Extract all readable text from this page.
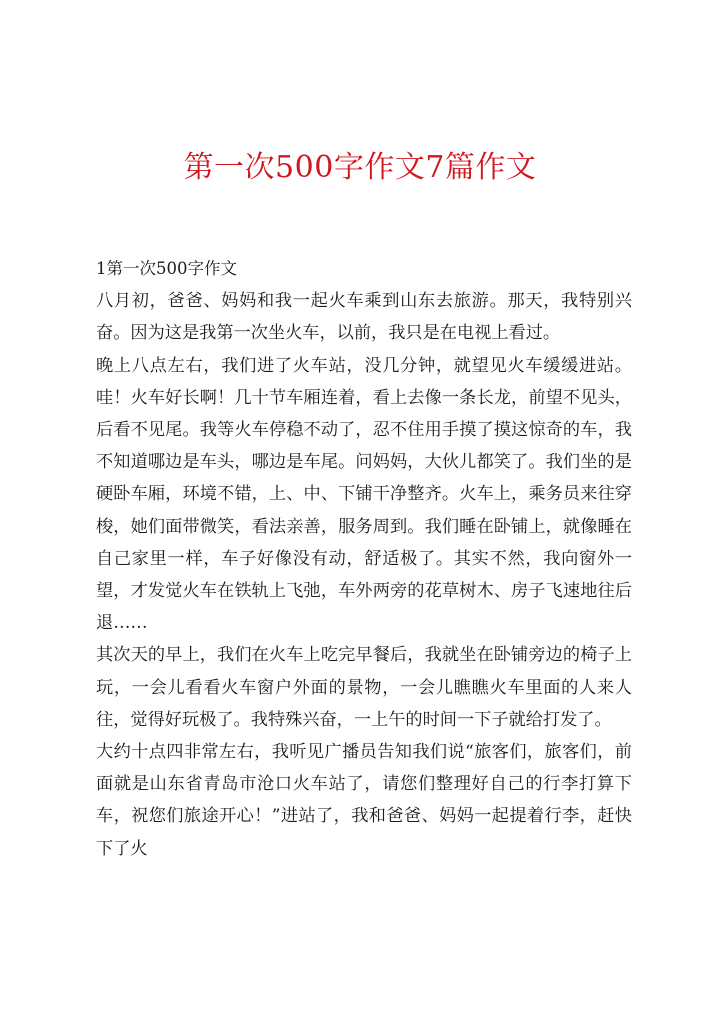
第一次500字作文7篇作文

1第一次500字作文

八月初，爸爸、妈妈和我一起火车乘到山东去旅游。那天，我特别兴奋。因为这是我第一次坐火车，以前，我只是在电视上看过。

晚上八点左右，我们进了火车站，没几分钟，就望见火车缓缓进站。哇！火车好长啊！几十节车厢连着，看上去像一条长龙，前望不见头，后看不见尾。我等火车停稳不动了，忍不住用手摸了摸这惊奇的车，我不知道哪边是车头，哪边是车尾。问妈妈，大伙儿都笑了。我们坐的是硬卧车厢，环境不错，上、中、下铺干净整齐。火车上，乘务员来往穿梭，她们面带微笑，看法亲善，服务周到。我们睡在卧铺上，就像睡在自己家里一样，车子好像没有动，舒适极了。其实不然，我向窗外一望，才发觉火车在铁轨上飞弛，车外两旁的花草树木、房子飞速地往后退……

其次天的早上，我们在火车上吃完早餐后，我就坐在卧铺旁边的椅子上玩，一会儿看看火车窗户外面的景物，一会儿瞧瞧火车里面的人来人往，觉得好玩极了。我特殊兴奋，一上午的时间一下子就给打发了。

大约十点四非常左右，我听见广播员告知我们说“旅客们，旅客们，前面就是山东省青岛市沧口火车站了，请您们整理好自己的行李打算下车，祝您们旅途开心！”进站了，我和爸爸、妈妈一起提着行李，赶快下了火
